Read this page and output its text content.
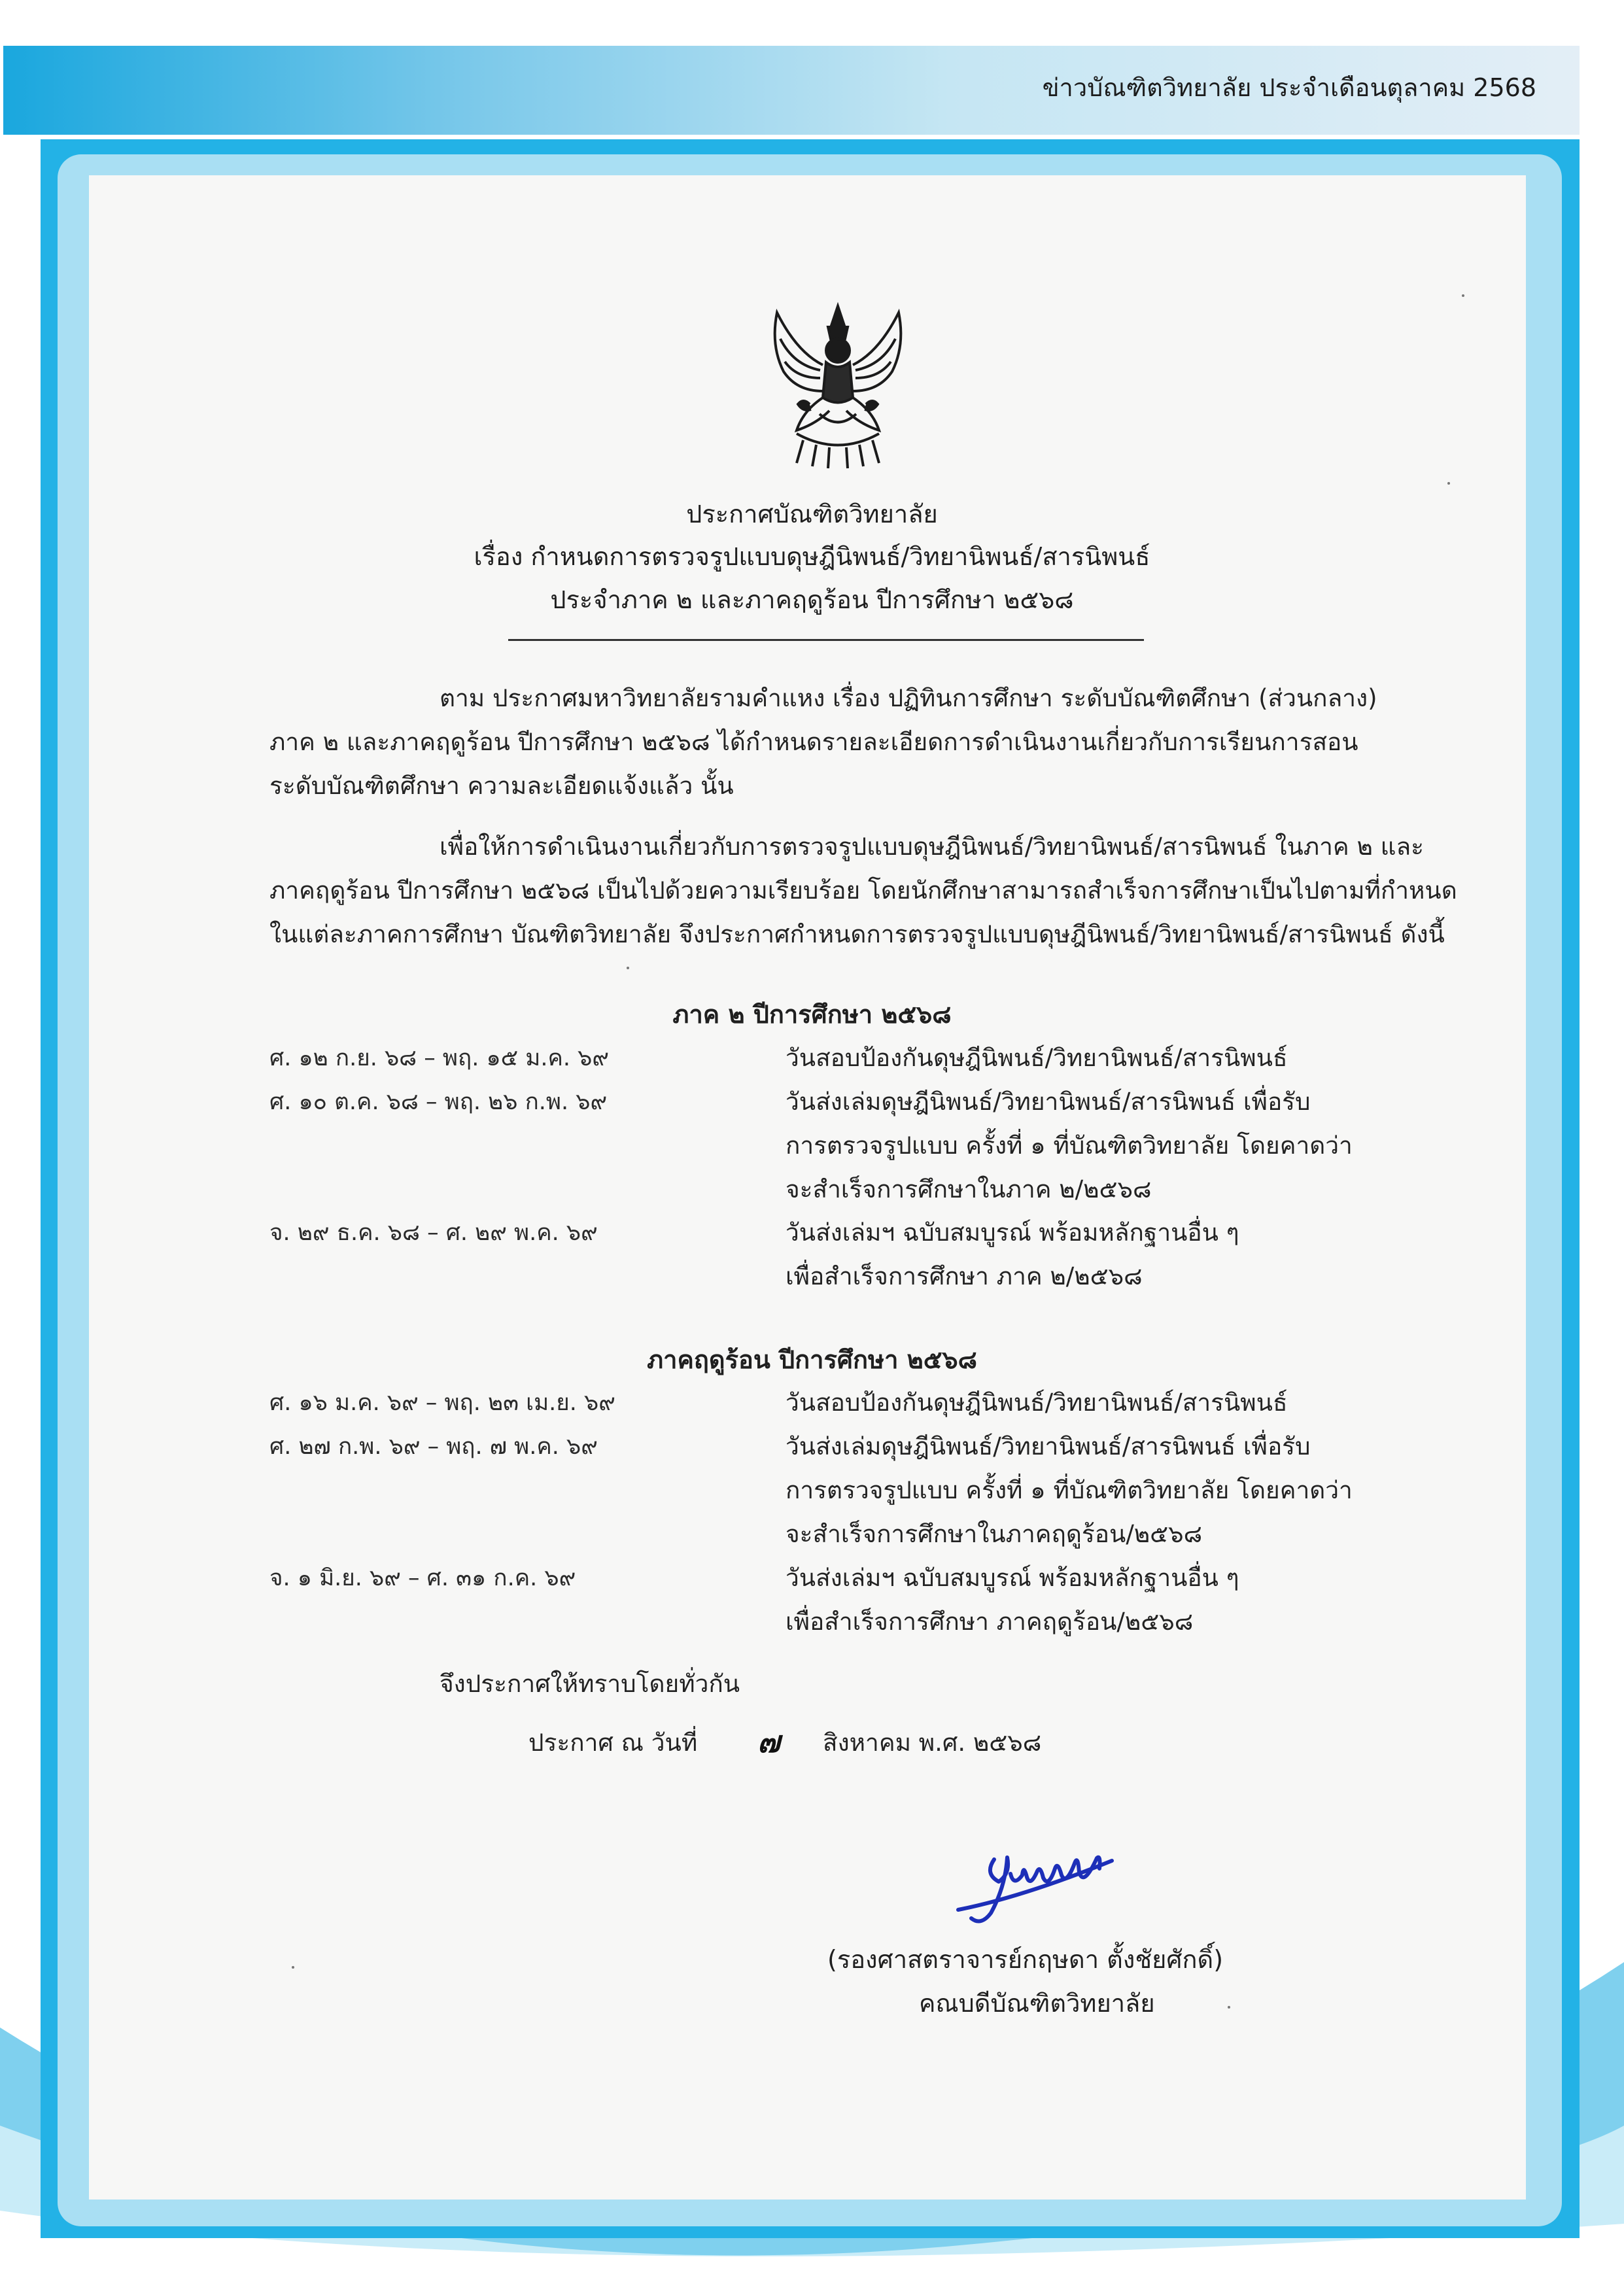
ข่าวบัณฑิตวิทยาลัย ประจำเดือนตุลาคม 2568
ประกาศบัณฑิตวิทยาลัย
เรื่อง กำหนดการตรวจรูปแบบดุษฎีนิพนธ์/วิทยานิพนธ์/สารนิพนธ์
ประจำภาค ๒ และภาคฤดูร้อน ปีการศึกษา ๒๕๖๘
ตาม ประกาศมหาวิทยาลัยรามคำแหง เรื่อง ปฏิทินการศึกษา ระดับบัณฑิตศึกษา (ส่วนกลาง)
ภาค ๒ และภาคฤดูร้อน ปีการศึกษา ๒๕๖๘ ได้กำหนดรายละเอียดการดำเนินงานเกี่ยวกับการเรียนการสอน
ระดับบัณฑิตศึกษา ความละเอียดแจ้งแล้ว นั้น
เพื่อให้การดำเนินงานเกี่ยวกับการตรวจรูปแบบดุษฎีนิพนธ์/วิทยานิพนธ์/สารนิพนธ์ ในภาค ๒ และ
ภาคฤดูร้อน ปีการศึกษา ๒๕๖๘ เป็นไปด้วยความเรียบร้อย โดยนักศึกษาสามารถสำเร็จการศึกษาเป็นไปตามที่กำหนด
ในแต่ละภาคการศึกษา บัณฑิตวิทยาลัย จึงประกาศกำหนดการตรวจรูปแบบดุษฎีนิพนธ์/วิทยานิพนธ์/สารนิพนธ์ ดังนี้
ภาค ๒ ปีการศึกษา ๒๕๖๘
ศ. ๑๒ ก.ย. ๖๘ – พฤ. ๑๕ ม.ค. ๖๙	วันสอบป้องกันดุษฎีนิพนธ์/วิทยานิพนธ์/สารนิพนธ์
ศ. ๑๐ ต.ค. ๖๘ – พฤ. ๒๖ ก.พ. ๖๙	วันส่งเล่มดุษฎีนิพนธ์/วิทยานิพนธ์/สารนิพนธ์ เพื่อรับ
การตรวจรูปแบบ ครั้งที่ ๑ ที่บัณฑิตวิทยาลัย โดยคาดว่า
จะสำเร็จการศึกษาในภาค ๒/๒๕๖๘
จ. ๒๙ ธ.ค. ๖๘ – ศ. ๒๙ พ.ค. ๖๙	วันส่งเล่มฯ ฉบับสมบูรณ์ พร้อมหลักฐานอื่น ๆ
เพื่อสำเร็จการศึกษา ภาค ๒/๒๕๖๘
ภาคฤดูร้อน ปีการศึกษา ๒๕๖๘
ศ. ๑๖ ม.ค. ๖๙ – พฤ. ๒๓ เม.ย. ๖๙	วันสอบป้องกันดุษฎีนิพนธ์/วิทยานิพนธ์/สารนิพนธ์
ศ. ๒๗ ก.พ. ๖๙ – พฤ. ๗ พ.ค. ๖๙	วันส่งเล่มดุษฎีนิพนธ์/วิทยานิพนธ์/สารนิพนธ์ เพื่อรับ
การตรวจรูปแบบ ครั้งที่ ๑ ที่บัณฑิตวิทยาลัย โดยคาดว่า
จะสำเร็จการศึกษาในภาคฤดูร้อน/๒๕๖๘
จ. ๑ มิ.ย. ๖๙ – ศ. ๓๑ ก.ค. ๖๙	วันส่งเล่มฯ ฉบับสมบูรณ์ พร้อมหลักฐานอื่น ๆ
เพื่อสำเร็จการศึกษา ภาคฤดูร้อน/๒๕๖๘
จึงประกาศให้ทราบโดยทั่วกัน
ประกาศ ณ วันที่ ๗ สิงหาคม พ.ศ. ๒๕๖๘
(รองศาสตราจารย์กฤษดา ตั้งชัยศักดิ์)
คณบดีบัณฑิตวิทยาลัย
